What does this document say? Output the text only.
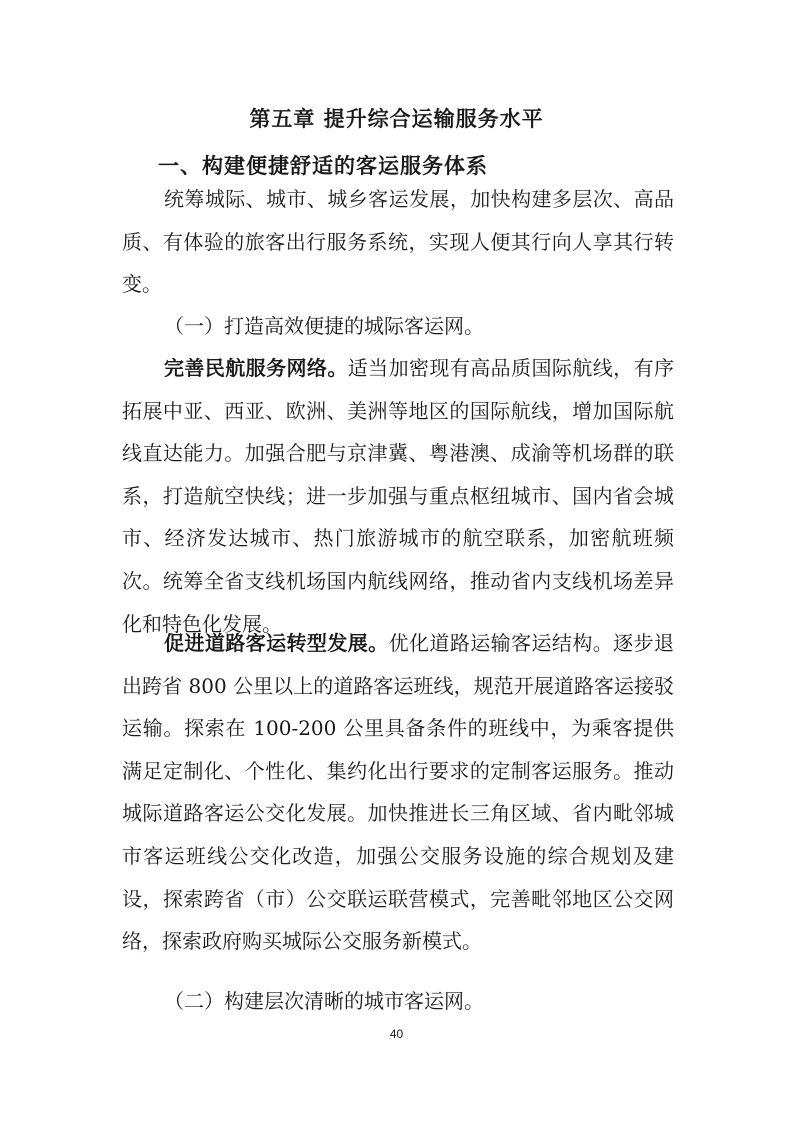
第五章 提升综合运输服务水平
一、构建便捷舒适的客运服务体系
统筹城际、城市、城乡客运发展，加快构建多层次、高品质、有体验的旅客出行服务系统，实现人便其行向人享其行转变。
（一）打造高效便捷的城际客运网。
完善民航服务网络。适当加密现有高品质国际航线，有序拓展中亚、西亚、欧洲、美洲等地区的国际航线，增加国际航线直达能力。加强合肥与京津冀、粤港澳、成渝等机场群的联系，打造航空快线；进一步加强与重点枢纽城市、国内省会城市、经济发达城市、热门旅游城市的航空联系，加密航班频次。统筹全省支线机场国内航线网络，推动省内支线机场差异化和特色化发展。
促进道路客运转型发展。优化道路运输客运结构。逐步退出跨省 800 公里以上的道路客运班线，规范开展道路客运接驳运输。探索在 100-200 公里具备条件的班线中，为乘客提供满足定制化、个性化、集约化出行要求的定制客运服务。推动城际道路客运公交化发展。加快推进长三角区域、省内毗邻城市客运班线公交化改造，加强公交服务设施的综合规划及建设，探索跨省（市）公交联运联营模式，完善毗邻地区公交网络，探索政府购买城际公交服务新模式。
（二）构建层次清晰的城市客运网。
40
